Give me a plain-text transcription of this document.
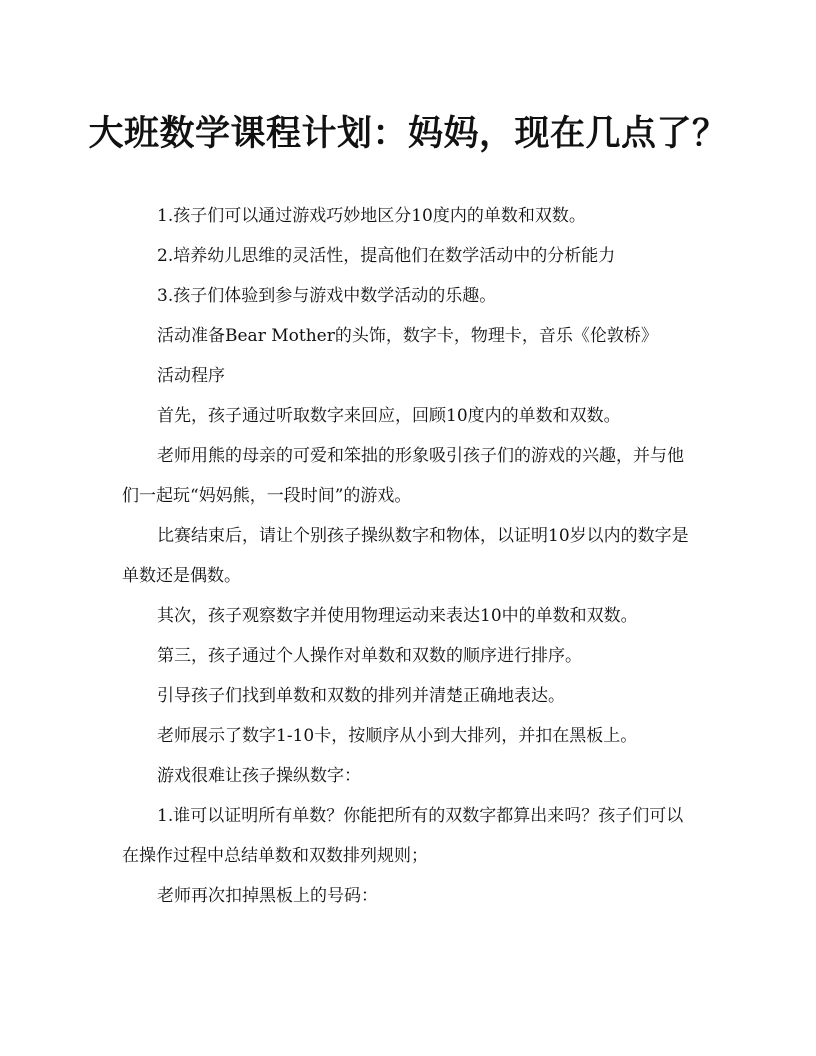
大班数学课程计划：妈妈，现在几点了？

1.孩子们可以通过游戏巧妙地区分10度内的单数和双数。

2.培养幼儿思维的灵活性，提高他们在数学活动中的分析能力

3.孩子们体验到参与游戏中数学活动的乐趣。

活动准备Bear Mother的头饰，数字卡，物理卡，音乐《伦敦桥》

活动程序

首先，孩子通过听取数字来回应，回顾10度内的单数和双数。

老师用熊的母亲的可爱和笨拙的形象吸引孩子们的游戏的兴趣，并与他们一起玩“妈妈熊，一段时间”的游戏。

比赛结束后，请让个别孩子操纵数字和物体，以证明10岁以内的数字是单数还是偶数。

其次，孩子观察数字并使用物理运动来表达10中的单数和双数。

第三，孩子通过个人操作对单数和双数的顺序进行排序。

引导孩子们找到单数和双数的排列并清楚正确地表达。

老师展示了数字1-10卡，按顺序从小到大排列，并扣在黑板上。

游戏很难让孩子操纵数字：

1.谁可以证明所有单数？你能把所有的双数字都算出来吗？孩子们可以在操作过程中总结单数和双数排列规则；

老师再次扣掉黑板上的号码：
